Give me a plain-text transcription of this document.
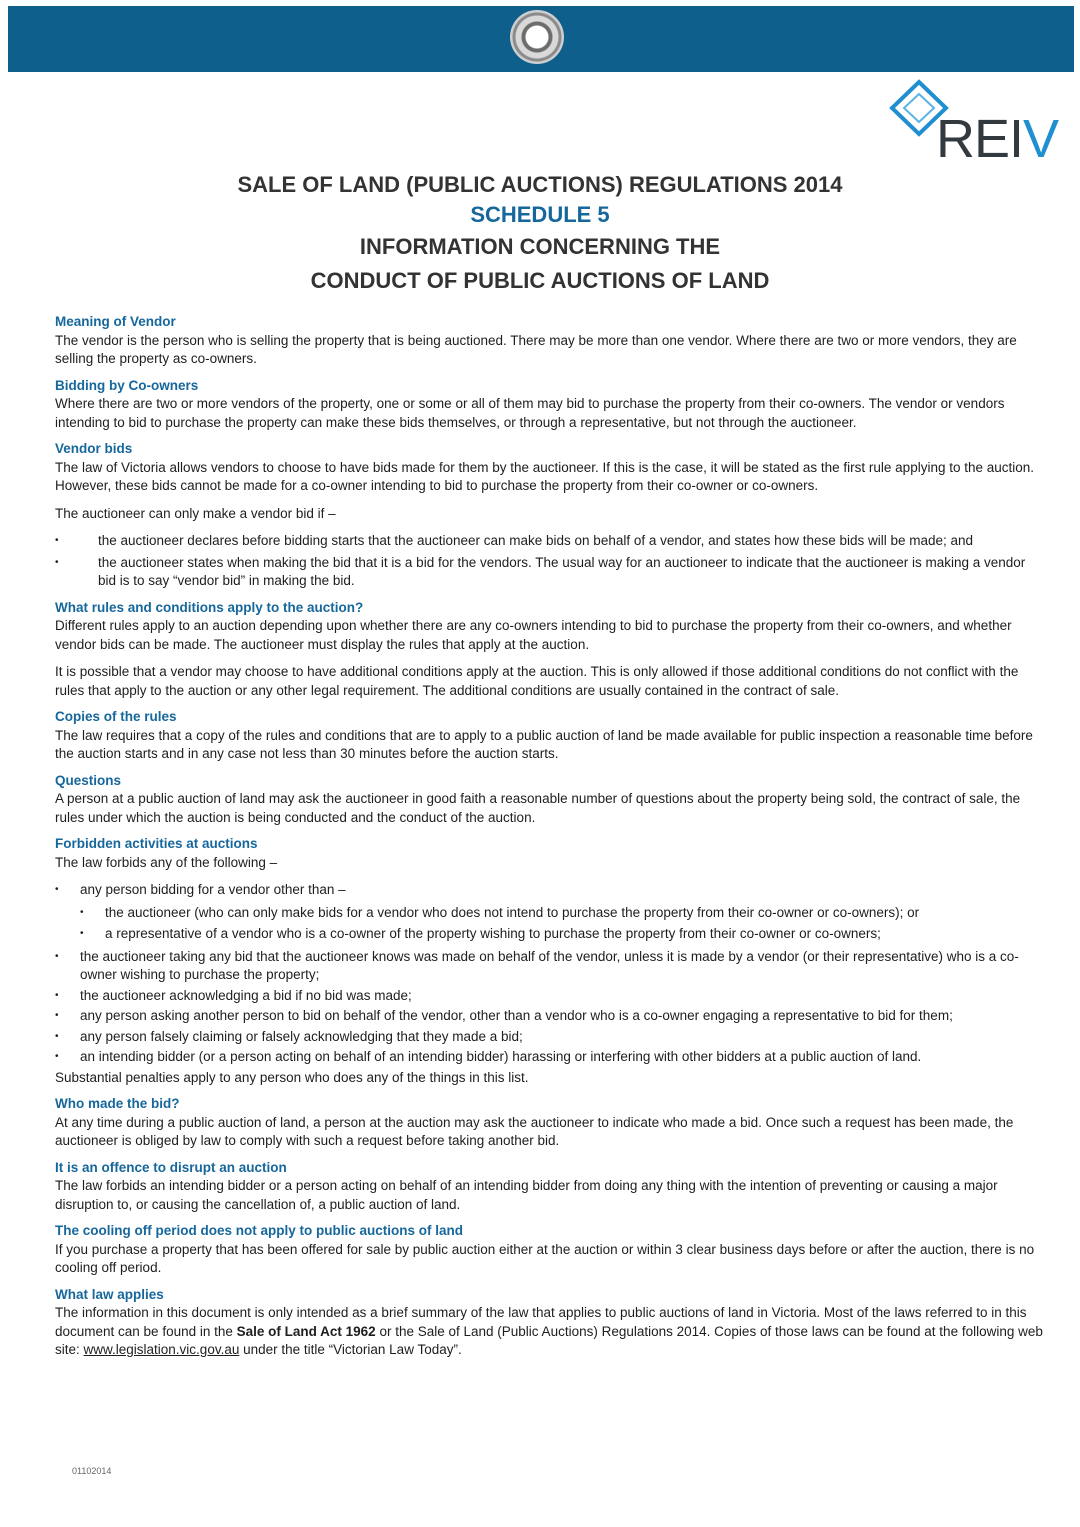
REIV

SALE OF LAND (PUBLIC AUCTIONS) REGULATIONS 2014

SCHEDULE 5

INFORMATION CONCERNING THE

CONDUCT OF PUBLIC AUCTIONS OF LAND

Meaning of Vendor

The vendor is the person who is selling the property that is being auctioned. There may be more than one vendor. Where there are two or more vendors, they are selling the property as co-owners.

Bidding by Co-owners

Where there are two or more vendors of the property, one or some or all of them may bid to purchase the property from their co-owners. The vendor or vendors intending to bid to purchase the property can make these bids themselves, or through a representative, but not through the auctioneer.

Vendor bids

The law of Victoria allows vendors to choose to have bids made for them by the auctioneer. If this is the case, it will be stated as the first rule applying to the auction. However, these bids cannot be made for a co-owner intending to bid to purchase the property from their co-owner or co-owners.

The auctioneer can only make a vendor bid if –

• the auctioneer declares before bidding starts that the auctioneer can make bids on behalf of a vendor, and states how these bids will be made; and
• the auctioneer states when making the bid that it is a bid for the vendors. The usual way for an auctioneer to indicate that the auctioneer is making a vendor bid is to say “vendor bid” in making the bid.
What rules and conditions apply to the auction?

Different rules apply to an auction depending upon whether there are any co-owners intending to bid to purchase the property from their co-owners, and whether vendor bids can be made. The auctioneer must display the rules that apply at the auction.

It is possible that a vendor may choose to have additional conditions apply at the auction. This is only allowed if those additional conditions do not conflict with the rules that apply to the auction or any other legal requirement. The additional conditions are usually contained in the contract of sale.

Copies of the rules

The law requires that a copy of the rules and conditions that are to apply to a public auction of land be made available for public inspection a reasonable time before the auction starts and in any case not less than 30 minutes before the auction starts.

Questions

A person at a public auction of land may ask the auctioneer in good faith a reasonable number of questions about the property being sold, the contract of sale, the rules under which the auction is being conducted and the conduct of the auction.

Forbidden activities at auctions

The law forbids any of the following –

• any person bidding for a vendor other than –
• the auctioneer (who can only make bids for a vendor who does not intend to purchase the property from their co-owner or co-owners); or
• a representative of a vendor who is a co-owner of the property wishing to purchase the property from their co-owner or co-owners;
• the auctioneer taking any bid that the auctioneer knows was made on behalf of the vendor, unless it is made by a vendor (or their representative) who is a co-owner wishing to purchase the property;
• the auctioneer acknowledging a bid if no bid was made;
• any person asking another person to bid on behalf of the vendor, other than a vendor who is a co-owner engaging a representative to bid for them;
• any person falsely claiming or falsely acknowledging that they made a bid;
• an intending bidder (or a person acting on behalf of an intending bidder) harassing or interfering with other bidders at a public auction of land.

Substantial penalties apply to any person who does any of the things in this list.

Who made the bid?

At any time during a public auction of land, a person at the auction may ask the auctioneer to indicate who made a bid. Once such a request has been made, the auctioneer is obliged by law to comply with such a request before taking another bid.

It is an offence to disrupt an auction

The law forbids an intending bidder or a person acting on behalf of an intending bidder from doing any thing with the intention of preventing or causing a major disruption to, or causing the cancellation of, a public auction of land.

The cooling off period does not apply to public auctions of land

If you purchase a property that has been offered for sale by public auction either at the auction or within 3 clear business days before or after the auction, there is no cooling off period.

What law applies

The information in this document is only intended as a brief summary of the law that applies to public auctions of land in Victoria. Most of the laws referred to in this document can be found in the Sale of Land Act 1962 or the Sale of Land (Public Auctions) Regulations 2014. Copies of those laws can be found at the following web site: www.legislation.vic.gov.au under the title “Victorian Law Today”.

01102014
